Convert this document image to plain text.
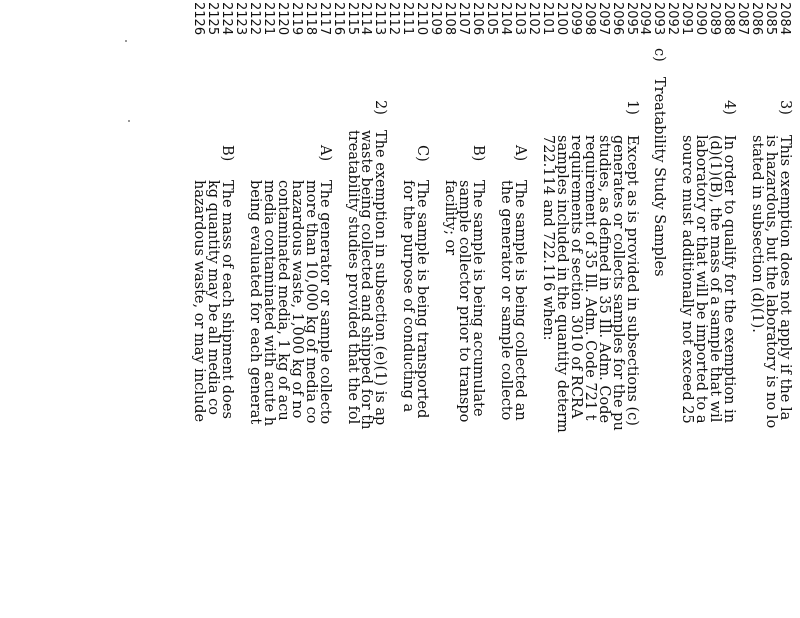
2084
2085
2086
2087
2088
2089
2090
2091
2092
2093
2094
2095
2096
2097
2098
2099
2100
2101
2102
2103
2104
2105
2106
2107
2108
2109
2110
2111
2112
2113
2114
2115
2116
2117
2118
2119
2120
2121
2122
2123
2124
2125
2126
3)
4)
c)
1)
A)
B)
C)
2)
A)
B)	This exemption does not apply if the la
is hazardous, but the laboratory is no lo
stated in subsection (d)(1).
In order to qualify for the exemption in
(d)(1)(B), the mass of a sample that wil
laboratory or that will be imported to a
source must additionally not exceed 25
Treatability Study Samples
Except as is provided in subsections (c)
generates or collects samples for the pu
studies, as defined in 35 Ill. Adm. Code
requirement of 35 Ill. Adm. Code 721 t
requirements of section 3010 of RCRA
samples included in the quantity determ
722.114 and 722.116 when:
The sample is being collected an
the generator or sample collecto
The sample is being accumulate
sample collector prior to transpo
facility; or
The sample is being transported
for the purpose of conducting a
The exemption in subsection (e)(1) is ap
waste being collected and shipped for th
treatability studies provided that the fol
The generator or sample collecto
more than 10,000 kg of media co
hazardous waste, 1,000 kg of no
contaminated media, 1 kg of acu
media contaminated with acute h
being evaluated for each generat
The mass of each shipment does
kg quantity may be all media co
hazardous waste, or may include
